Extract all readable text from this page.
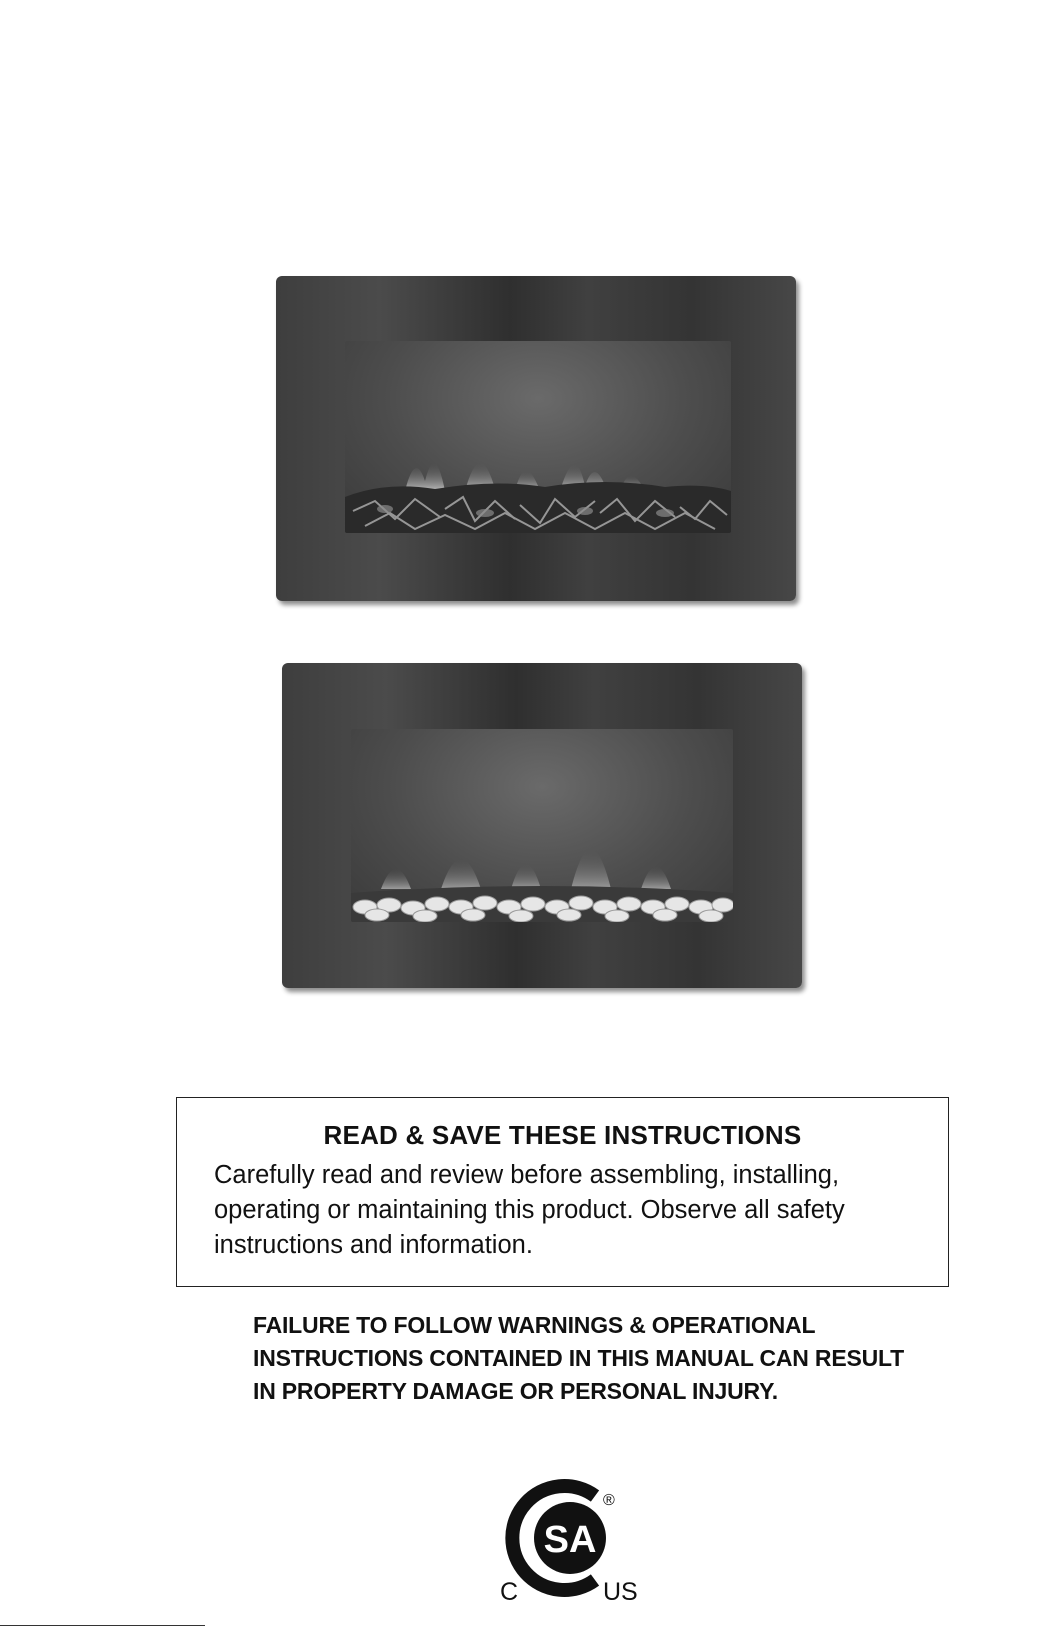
READ & SAVE THESE INSTRUCTIONS
Carefully read and review before assembling, installing,
operating or maintaining this product. Observe all safety
instructions and information.
FAILURE TO FOLLOW WARNINGS & OPERATIONAL
INSTRUCTIONS CONTAINED IN THIS MANUAL CAN RESULT
IN PROPERTY DAMAGE OR PERSONAL INJURY.
SA
®
C	US
